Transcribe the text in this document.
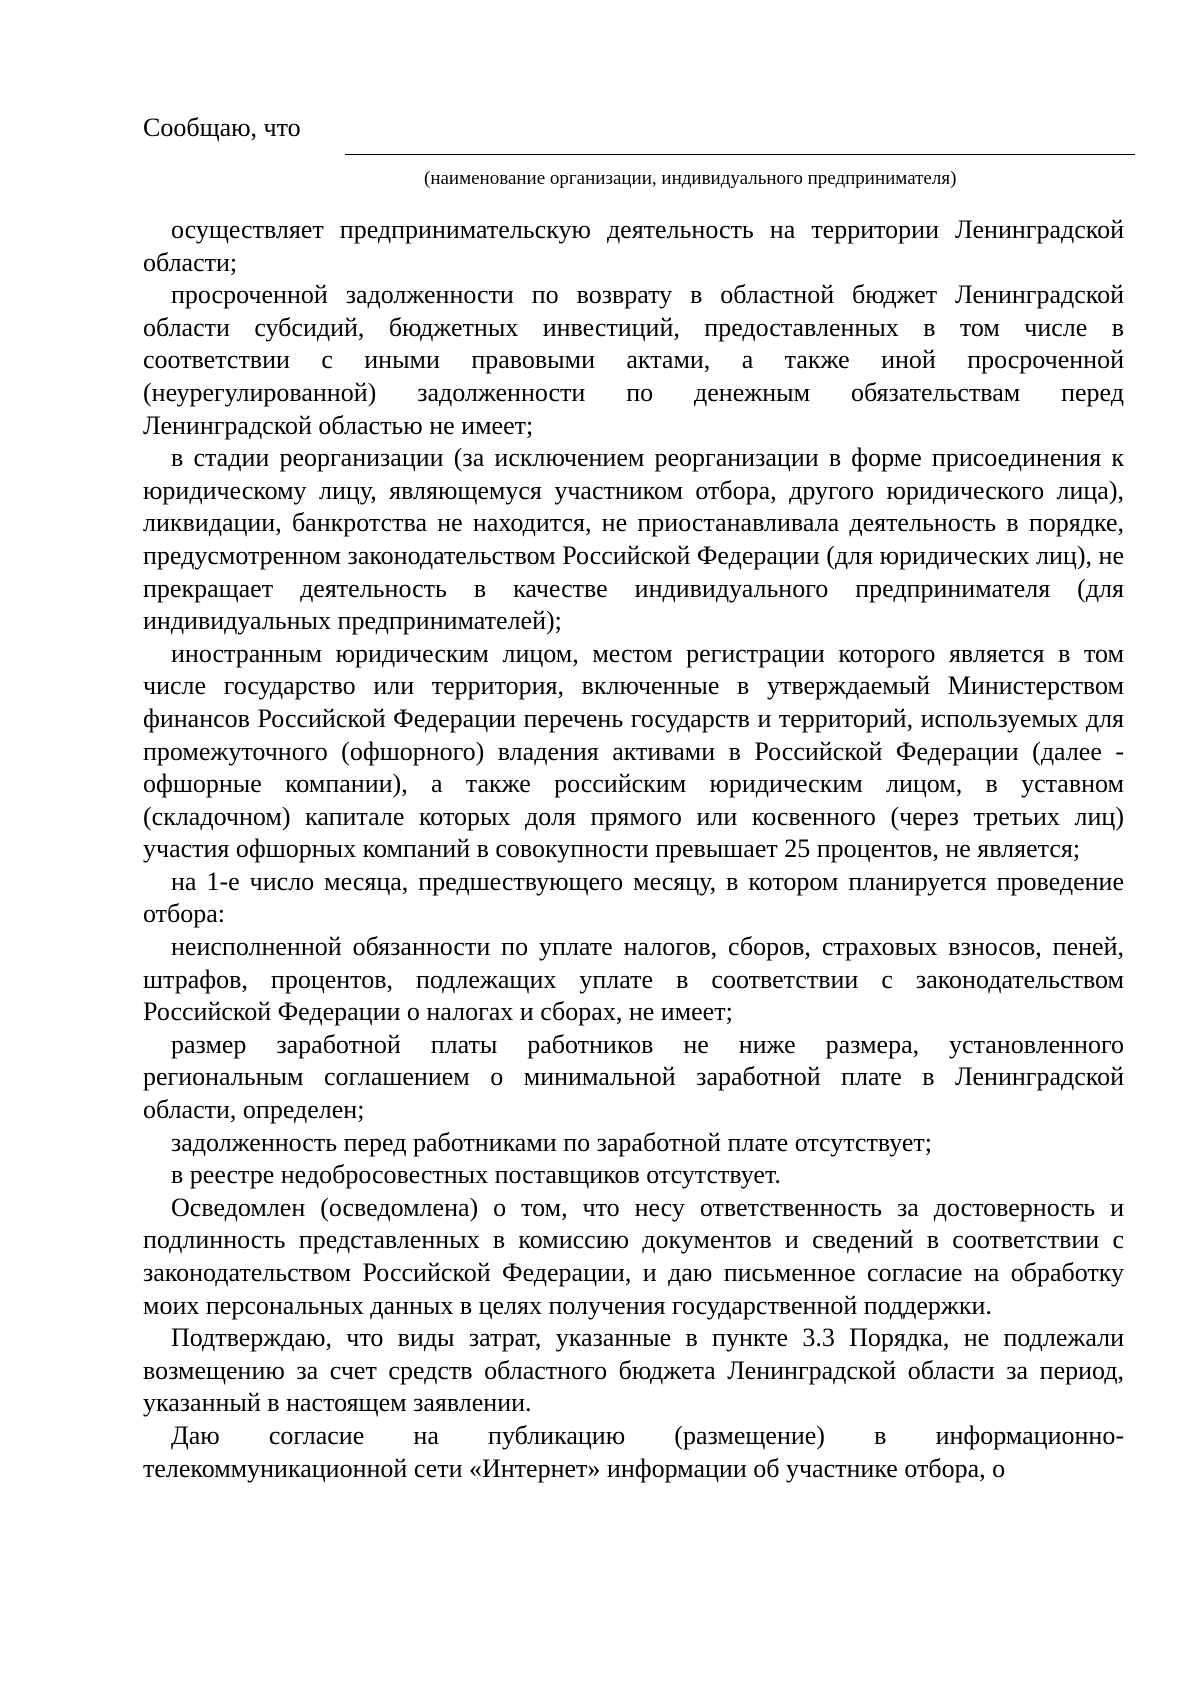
Сообщаю, что
(наименование организации, индивидуального предпринимателя)

осуществляет предпринимательскую деятельность на территории Ленинградской области;

просроченной задолженности по возврату в областной бюджет Ленинградской области субсидий, бюджетных инвестиций, предоставленных в том числе в соответствии с иными правовыми актами, а также иной просроченной (неурегулированной) задолженности по денежным обязательствам перед Ленинградской областью не имеет;

в стадии реорганизации (за исключением реорганизации в форме присоединения к юридическому лицу, являющемуся участником отбора, другого юридического лица), ликвидации, банкротства не находится, не приостанавливала деятельность в порядке, предусмотренном законодательством Российской Федерации (для юридических лиц), не прекращает деятельность в качестве индивидуального предпринимателя (для индивидуальных предпринимателей);

иностранным юридическим лицом, местом регистрации которого является в том числе государство или территория, включенные в утверждаемый Министерством финансов Российской Федерации перечень государств и территорий, используемых для промежуточного (офшорного) владения активами в Российской Федерации (далее - офшорные компании), а также российским юридическим лицом, в уставном (складочном) капитале которых доля прямого или косвенного (через третьих лиц) участия офшорных компаний в совокупности превышает 25 процентов, не является;

на 1-е число месяца, предшествующего месяцу, в котором планируется проведение отбора:

неисполненной обязанности по уплате налогов, сборов, страховых взносов, пеней, штрафов, процентов, подлежащих уплате в соответствии с законодательством Российской Федерации о налогах и сборах, не имеет;

размер заработной платы работников не ниже размера, установленного региональным соглашением о минимальной заработной плате в Ленинградской области, определен;

задолженность перед работниками по заработной плате отсутствует;

в реестре недобросовестных поставщиков отсутствует.

Осведомлен (осведомлена) о том, что несу ответственность за достоверность и подлинность представленных в комиссию документов и сведений в соответствии с законодательством Российской Федерации, и даю письменное согласие на обработку моих персональных данных в целях получения государственной поддержки.

Подтверждаю, что виды затрат, указанные в пункте 3.3 Порядка, не подлежали возмещению за счет средств областного бюджета Ленинградской области за период, указанный в настоящем заявлении.

Даю согласие на публикацию (размещение) в информационно-телекоммуникационной сети «Интернет» информации об участнике отбора, о
